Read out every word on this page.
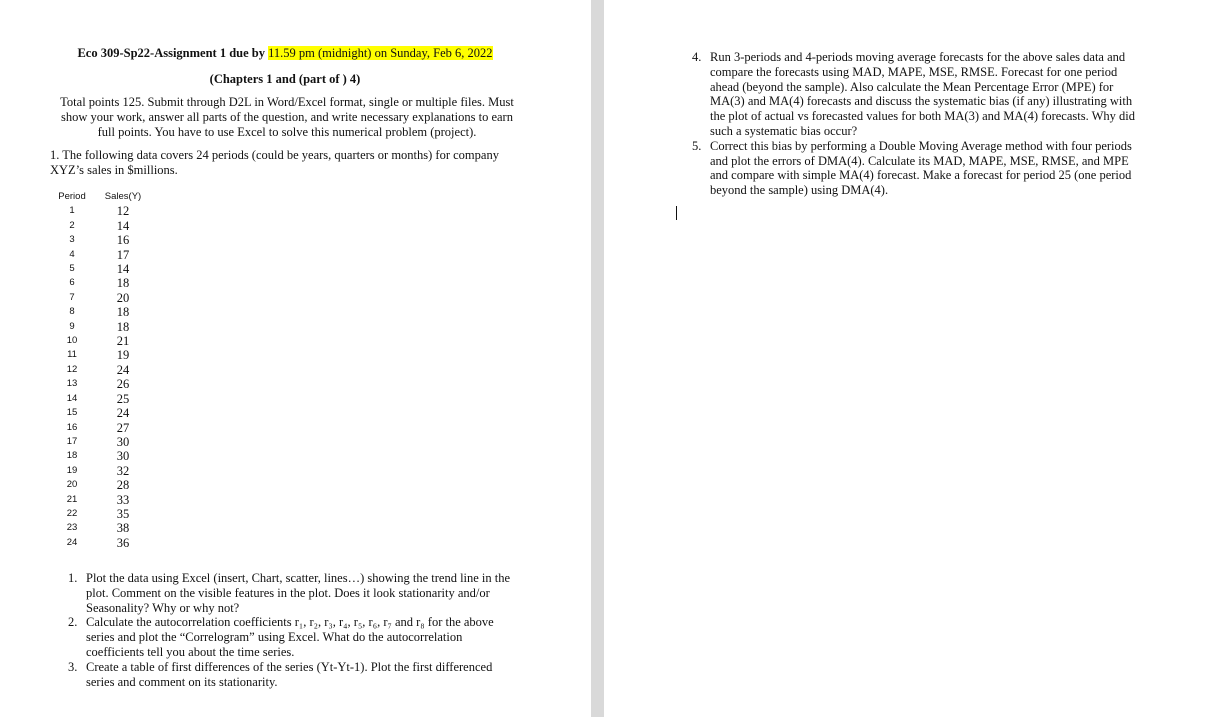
Eco 309-Sp22-Assignment 1 due by 11.59 pm (midnight) on Sunday, Feb 6, 2022
(Chapters 1 and (part of ) 4)
Total points 125. Submit through D2L in Word/Excel format, single or multiple files. Must show your work, answer all parts of the question, and write necessary explanations to earn full points. You have to use Excel to solve this numerical problem (project).
1. The following data covers 24 periods (could be years, quarters or months) for company XYZ’s sales in $millions.
Period	Sales(Y)
1	12
2	14
3	16
4	17
5	14
6	18
7	20
8	18
9	18
10	21
11	19
12	24
13	26
14	25
15	24
16	27
17	30
18	30
19	32
20	28
21	33
22	35
23	38
24	36
1. Plot the data using Excel (insert, Chart, scatter, lines…) showing the trend line in the plot. Comment on the visible features in the plot. Does it look stationarity and/or Seasonality? Why or why not?
2. Calculate the autocorrelation coefficients r₁, r₂, r₃, r₄, r₅, r₆, r₇ and r₈ for the above series and plot the “Correlogram” using Excel. What do the autocorrelation coefficients tell you about the time series.
3. Create a table of first differences of the series (Yt-Yt-1). Plot the first differenced series and comment on its stationarity.
4. Run 3-periods and 4-periods moving average forecasts for the above sales data and compare the forecasts using MAD, MAPE, MSE, RMSE. Forecast for one period ahead (beyond the sample). Also calculate the Mean Percentage Error (MPE) for MA(3) and MA(4) forecasts and discuss the systematic bias (if any) illustrating with the plot of actual vs forecasted values for both MA(3) and MA(4) forecasts. Why did such a systematic bias occur?
5. Correct this bias by performing a Double Moving Average method with four periods and plot the errors of DMA(4). Calculate its MAD, MAPE, MSE, RMSE, and MPE and compare with simple MA(4) forecast. Make a forecast for period 25 (one period beyond the sample) using DMA(4).
